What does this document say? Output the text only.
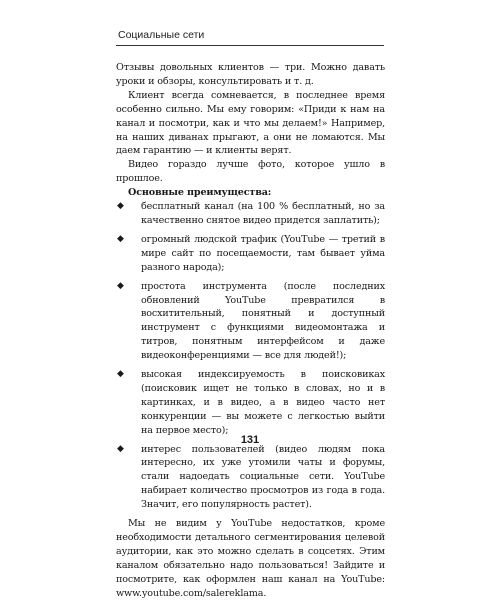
Социальные сети

Отзывы довольных клиентов — три. Можно давать уроки и обзоры, консультировать и т. д.

Клиент всегда сомневается, в последнее время особенно сильно. Мы ему говорим: «Приди к нам на канал и посмотри, как и что мы делаем!» Например, на наших диванах прыгают, а они не ломаются. Мы даем гарантию — и клиенты верят.

Видео гораздо лучше фото, которое ушло в прошлое.

Основные преимущества:

◆ бесплатный канал (на 100 % бесплатный, но за качественно снятое видео придется заплатить);
◆ огромный людской трафик (YouTube — третий в мире сайт по посещаемости, там бывает уйма разного народа);
◆ простота инструмента (после последних обновлений YouTube превратился в восхитительный, понятный и доступный инструмент с функциями видеомонтажа и титров, понятным интерфейсом и даже видеоконференциями — все для людей!);
◆ высокая индексируемость в поисковиках (поисковик ищет не только в словах, но и в картинках, и в видео, а в видео часто нет конкуренции — вы можете с легкостью выйти на первое место);
◆ интерес пользователей (видео людям пока интересно, их уже утомили чаты и форумы, стали надоедать социальные сети. YouTube набирает количество просмотров из года в года. Значит, его популярность растет).

Мы не видим у YouTube недостатков, кроме необходимости детального сегментирования целевой аудитории, как это можно сделать в соцсетях. Этим каналом обязательно надо пользоваться! Зайдите и посмотрите, как оформлен наш канал на YouTube: www.youtube.com/salereklama.

131
